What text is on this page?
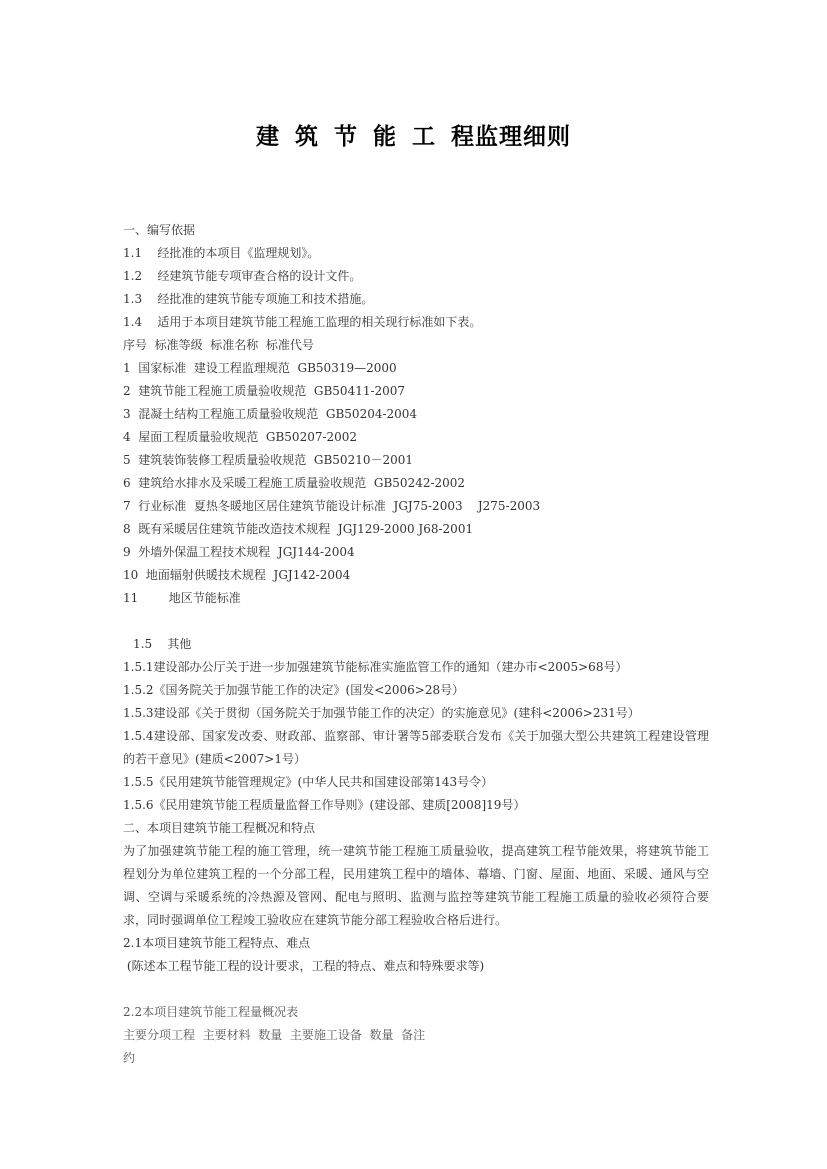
建筑节能工程监理细则

一、编写依据

1.1    经批准的本项目《监理规划》。

1.2    经建筑节能专项审查合格的设计文件。

1.3    经批准的建筑节能专项施工和技术措施。

1.4    适用于本项目建筑节能工程施工监理的相关现行标准如下表。

序号  标准等级  标准名称  标准代号

1  国家标准  建设工程监理规范  GB50319—2000

2  建筑节能工程施工质量验收规范  GB50411-2007

3  混凝土结构工程施工质量验收规范  GB50204-2004

4  屋面工程质量验收规范  GB50207-2002

5  建筑装饰装修工程质量验收规范  GB50210－2001

6  建筑给水排水及采暖工程施工质量验收规范  GB50242-2002

7  行业标准  夏热冬暖地区居住建筑节能设计标准  JGJ75-2003    J275-2003

8  既有采暖居住建筑节能改造技术规程  JGJ129-2000 J68-2001

9  外墙外保温工程技术规程  JGJ144-2004

10  地面辐射供暖技术规程  JGJ142-2004

11        地区节能标准

1.5    其他

1.5.1建设部办公厅关于进一步加强建筑节能标准实施监管工作的通知（建办市<2005>68号）

1.5.2《国务院关于加强节能工作的决定》(国发<2006>28号）

1.5.3建设部《关于贯彻（国务院关于加强节能工作的决定）的实施意见》(建科<2006>231号）

1.5.4建设部、国家发改委、财政部、监察部、审计署等5部委联合发布《关于加强大型公共建筑工程建设管理的若干意见》(建质<2007>1号）

1.5.5《民用建筑节能管理规定》(中华人民共和国建设部第143号令）

1.5.6《民用建筑节能工程质量监督工作导则》(建设部、建质[2008]19号）

二、本项目建筑节能工程概况和特点

为了加强建筑节能工程的施工管理，统一建筑节能工程施工质量验收，提高建筑工程节能效果，将建筑节能工程划分为单位建筑工程的一个分部工程，民用建筑工程中的墙体、幕墙、门窗、屋面、地面、采暖、通风与空调、空调与采暖系统的冷热源及管网、配电与照明、监测与监控等建筑节能工程施工质量的验收必须符合要求，同时强调单位工程竣工验收应在建筑节能分部工程验收合格后进行。

2.1本项目建筑节能工程特点、难点

(陈述本工程节能工程的设计要求，工程的特点、难点和特殊要求等)

2.2本项目建筑节能工程量概况表

主要分项工程  主要材料  数量  主要施工设备  数量  备注

约
